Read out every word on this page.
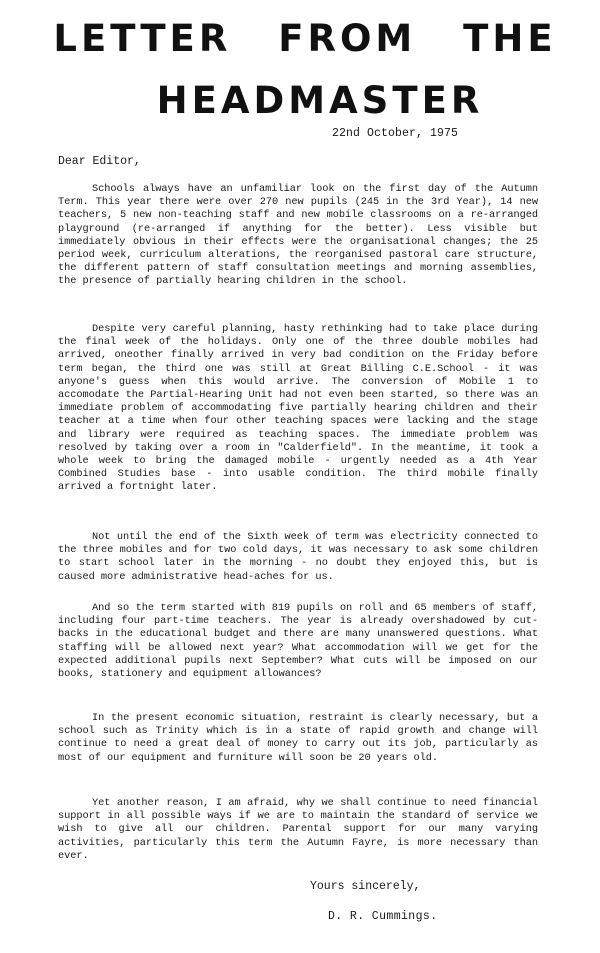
LETTER FROM THE
HEADMASTER
22nd October, 1975
Dear Editor,

Schools always have an unfamiliar look on the first day of the Autumn Term. This year there were over 270 new pupils (245 in the 3rd Year), 14 new teachers, 5 new non-teaching staff and new mobile classrooms on a re-arranged playground (re-arranged if anything for the better). Less visible but immediately obvious in their effects were the organisational changes; the 25 period week, curriculum alterations, the reorganised pastoral care structure, the different pattern of staff consultation meetings and morning assemblies, the presence of partially hearing children in the school.

Despite very careful planning, hasty rethinking had to take place during the final week of the holidays. Only one of the three double mobiles had arrived, oneother finally arrived in very bad condition on the Friday before term began, the third one was still at Great Billing C.E.School - it was anyone's guess when this would arrive. The conversion of Mobile 1 to accomodate the Partial-Hearing Unit had not even been started, so there was an immediate problem of accommodating five partially hearing children and their teacher at a time when four other teaching spaces were lacking and the stage and library were required as teaching spaces. The immediate problem was resolved by taking over a room in "Calderfield". In the meantime, it took a whole week to bring the damaged mobile - urgently needed as a 4th Year Combined Studies base - into usable condition. The third mobile finally arrived a fortnight later.

Not until the end of the Sixth week of term was electricity connected to the three mobiles and for two cold days, it was necessary to ask some children to start school later in the morning - no doubt they enjoyed this, but is caused more administrative head-aches for us.

And so the term started with 819 pupils on roll and 65 members of staff, including four part-time teachers. The year is already overshadowed by cut-backs in the educational budget and there are many unanswered questions. What staffing will be allowed next year? What accommodation will we get for the expected additional pupils next September? What cuts will be imposed on our books, stationery and equipment allowances?

In the present economic situation, restraint is clearly necessary, but a school such as Trinity which is in a state of rapid growth and change will continue to need a great deal of money to carry out its job, particularly as most of our equipment and furniture will soon be 20 years old.

Yet another reason, I am afraid, why we shall continue to need financial support in all possible ways if we are to maintain the standard of service we wish to give all our children. Parental support for our many varying activities, particularly this term the Autumn Fayre, is more necessary than ever.

Yours sincerely,
D. R. Cummings.
